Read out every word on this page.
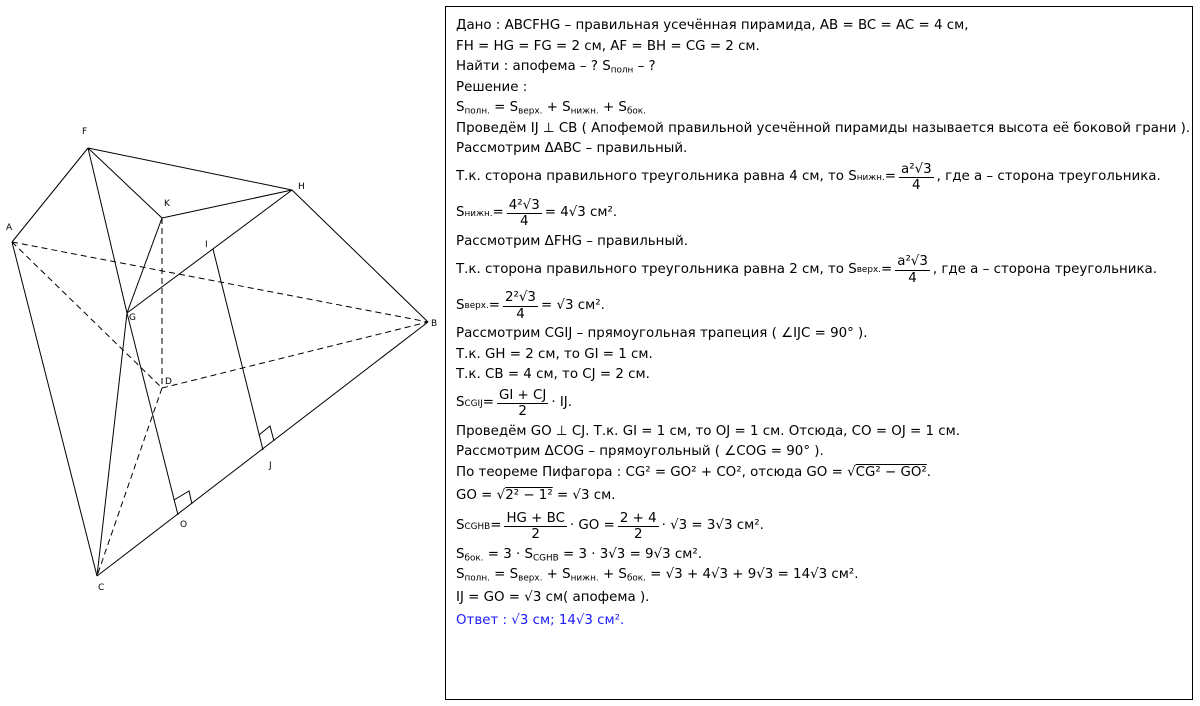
A
B
C
D
F
G
H
I
J
K
O
Дано : ABCFHG – правильная усечённая пирамида, AB = BC = AC = 4 см,
FH = HG = FG = 2 см, AF = BH = CG = 2 см.
Найти : апофема – ? $S_{полн}$ – ?
Решение :
$S_{полн.} = S_{верх.} + S_{нижн.} + S_{бок.}$
Проведём IJ ⊥ CB ( Апофемой правильной усечённой пирамиды называется высота её боковой грани ).
Рассмотрим ΔABC – правильный.
Т.к. сторона правильного треугольника равна 4 см, то S нижн. = $\frac{\text{a²√3}}{4}$ , где a – сторона треугольника.
S нижн. = $\frac{\text{4²√3}}{4} = 4√3$ см².
Рассмотрим ΔFHG – правильный.
Т.к. сторона правильного треугольника равна 2 см, то S верх. = $\frac{\text{a²√3}}{4}$ , где a – сторона треугольника.
S верх. = $\frac{\text{2²√3}}{4} = √3$ см².
Рассмотрим CGIJ – прямоугольная трапеция ( ∠IJC = 90° ).
Т.к. GH = 2 см, то GI = 1 см.
Т.к. CB = 4 см, то CJ = 2 см.
S CGIJ = $\frac{GI + CJ}{2}$ · IJ.
Проведём GO ⊥ CJ. Т.к. GI = 1 см, то OJ = 1 см. Отсюда, CO = OJ = 1 см.
Рассмотрим ΔCOG – прямоугольный ( ∠COG = 90° ).
По теореме Пифагора : CG² = GO² + CO², отсюда GO = √CG² − GO².
GO = √2² − 1² = √3 см.
S CGHB = $\frac{HG + BC}{2}$ · GO = $\frac{2 + 4}{2} \cdot √3 = 3√3$ см².
$S_{бок.} = 3 \cdot S_{CGHB} = 3 \cdot 3√3 = 9√3$ см².
$S_{полн.} = S_{верх.} + S_{нижн.} + S_{бок.} = √3 + 4√3 + 9√3 = 14√3$ см².
IJ = GO = √3 см( апофема ).
Ответ : √3 см; 14√3 см².
